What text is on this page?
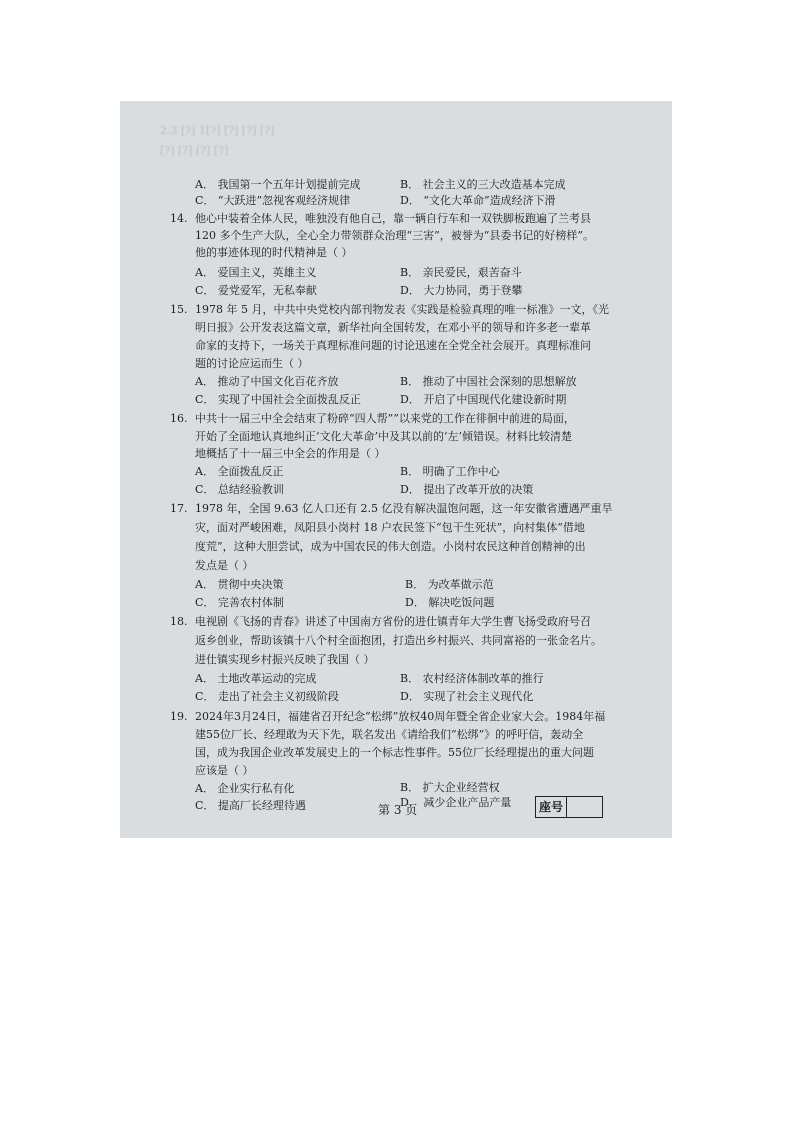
2.3 [?] 1[?] [?] [?] [?]
[?] [?] [?] [?]
A． 我国第一个五年计划提前完成	B． 社会主义的三大改造基本完成
C． “大跃进”忽视客观经济规律	D． “文化大革命”造成经济下滑
14. 他心中装着全体人民，唯独没有他自己，靠一辆自行车和一双铁脚板跑遍了兰考县
120 多个生产大队，全心全力带领群众治理“三害”，被誉为“县委书记的好榜样”。
他的事迹体现的时代精神是（ ）
A． 爱国主义，英雄主义	B． 亲民爱民，艰苦奋斗
C． 爱党爱军，无私奉献	D． 大力协同，勇于登攀
15. 1978 年 5 月，中共中央党校内部刊物发表《实践是检验真理的唯一标准》一文，《光
明日报》公开发表这篇文章，新华社向全国转发，在邓小平的领导和许多老一辈革
命家的支持下，一场关于真理标准问题的讨论迅速在全党全社会展开。真理标准问
题的讨论应运而生（ ）
A． 推动了中国文化百花齐放	B． 推动了中国社会深刻的思想解放
C． 实现了中国社会全面拨乱反正	D． 开启了中国现代化建设新时期
16. 中共十一届三中全会结束了粉碎“四人帮””以来党的工作在徘徊中前进的局面，
开始了全面地认真地纠正‘文化大革命’中及其以前的‘左’倾错误。材料比较清楚
地概括了十一届三中全会的作用是（ ）
A． 全面拨乱反正	B． 明确了工作中心
C． 总结经验教训	D． 提出了改革开放的决策
17. 1978 年，全国 9.63 亿人口还有 2.5 亿没有解决温饱问题，这一年安徽省遭遇严重旱
灾，面对严峻困难，凤阳县小岗村 18 户农民签下“包干生死状”，向村集体“借地
度荒”，这种大胆尝试，成为中国农民的伟大创造。小岗村农民这种首创精神的出
发点是（ ）
A． 贯彻中央决策	B． 为改革做示范
C． 完善农村体制	D． 解决吃饭问题
18. 电视剧《飞扬的青春》讲述了中国南方省份的进仕镇青年大学生曹飞扬受政府号召
返乡创业，帮助该镇十八个村全面抱团，打造出乡村振兴、共同富裕的一张金名片。
进仕镇实现乡村振兴反映了我国（ ）
A． 土地改革运动的完成	B． 农村经济体制改革的推行
C． 走出了社会主义初级阶段	D． 实现了社会主义现代化
19. 2024年3月24日，福建省召开纪念“松绑”放权40周年暨全省企业家大会。1984年福
建55位厂长、经理敢为天下先，联名发出《请给我们“松绑”》的呼吁信，轰动全
国，成为我国企业改革发展史上的一个标志性事件。55位厂长经理提出的重大问题
应该是（ ）
A． 企业实行私有化	B． 扩大企业经营权
C． 提高厂长经理待遇	D． 减少企业产品产量
第 3 页	座号
